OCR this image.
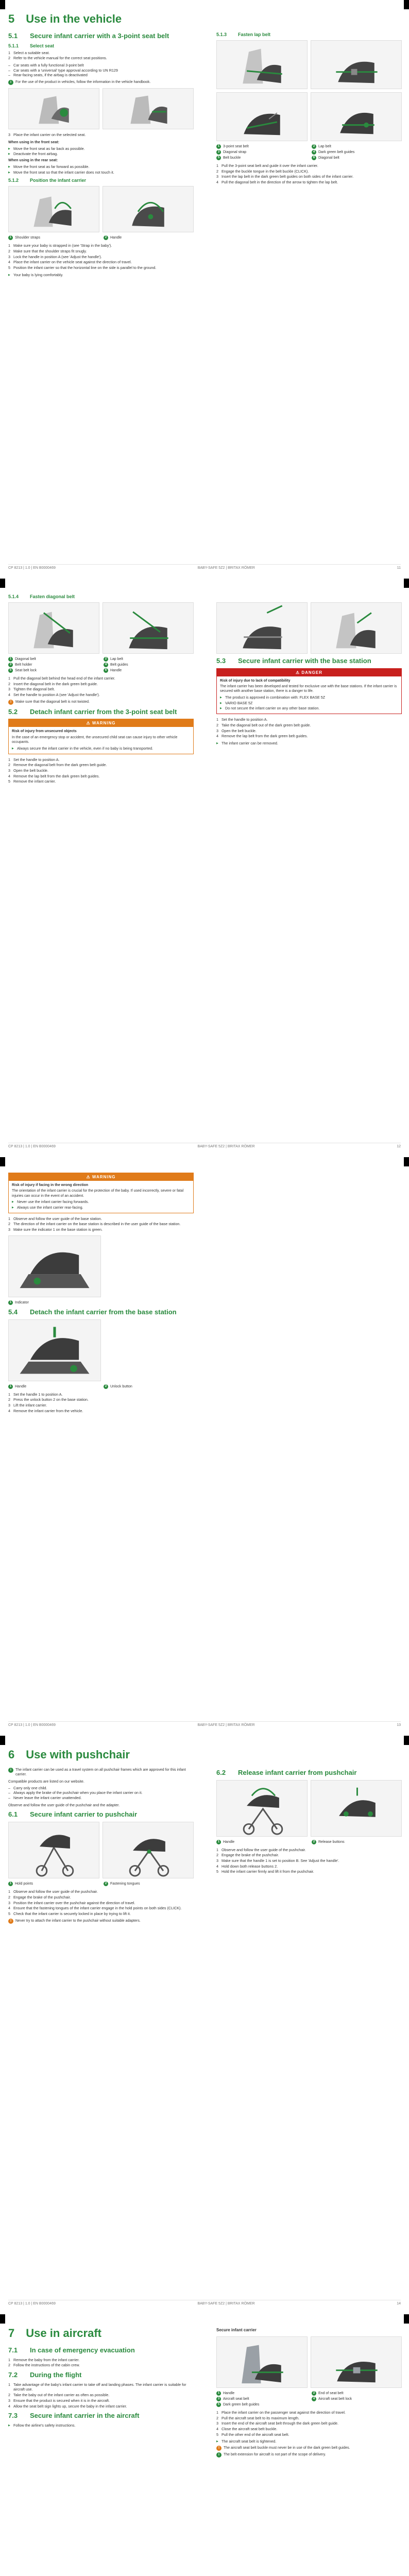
5 Use in the vehicle
5.1	Secure infant carrier with a 3-point seat belt
5.1.1	Select seat
1 Select a suitable seat.
2 Refer to the vehicle manual for the correct seat positions.
– Car seats with a fully functional 3-point belt
– Car seats with a 'universal' type approval according to UN R129
– Rear-facing seats, if the airbag is deactivated
i	For the use of the product in vehicles, follow the information in the vehicle handbook.
3 Place the infant carrier on the selected seat.

When using in the front seat:

▶ Move the front seat as far back as possible.
▶ Deactivate the front airbag.

When using in the rear seat:

▶ Move the front seat as far forward as possible.
▶ Move the front seat so that the infant carrier does not touch it.
5.1.2	Position the infant carrier
1 Shoulder straps	2 Handle
1 Make sure your baby is strapped in (see 'Strap in the baby').
2 Make sure that the shoulder straps fit snugly.
3 Lock the handle in position A (see 'Adjust the handle').
4 Place the infant carrier on the vehicle seat against the direction of travel.
5 Position the infant carrier so that the horizontal line on the side is parallel to the ground.
▶ Your baby is lying comfortably.
5.1.3	Fasten lap belt
1 3-point seat belt	2 Lap belt
3 Diagonal strap	4 Dark green belt guides
5 Belt buckle	6 Diagonal belt
1 Pull the 3-point seat belt and guide it over the infant carrier.
2 Engage the buckle tongue in the belt buckle (CLICK).
3 Insert the lap belt in the dark green belt guides on both sides of the infant carrier.
4 Pull the diagonal belt in the direction of the arrow to tighten the lap belt.
CP 8213 | 1.0 | EN B0000469	BABY-SAFE 5Z2 | BRITAX RÖMER	11
5.1.4	Fasten diagonal belt
1 Diagonal belt	2 Lap belt
3 Belt holder	4 Belt guides
5 Seat belt lock	6 Handle
1 Pull the diagonal belt behind the head end of the infant carrier.
2 Insert the diagonal belt in the dark green belt guide.
3 Tighten the diagonal belt.
4 Set the handle to position A (see 'Adjust the handle').
!	Make sure that the diagonal belt is not twisted.
5.2	Detach infant carrier from the 3-point seat belt
⚠ WARNING

Risk of injury from unsecured objects

In the case of an emergency stop or accident, the unsecured child seat can cause injury to other vehicle occupants.

▶ Always secure the infant carrier in the vehicle, even if no baby is being transported.
1 Set the handle to position A.
2 Remove the diagonal belt from the dark green belt guide.
3 Open the belt buckle.
4 Remove the lap belt from the dark green belt guides.
5 Remove the infant carrier.
5.3	Secure infant carrier with the base station
⚠ DANGER

Risk of injury due to lack of compatibility

The infant carrier has been developed and tested for exclusive use with the base stations. If the infant carrier is secured with another base station, there is a danger to life.

▶ The product is approved in combination with: FLEX BASE 5Z
▶ VARIO BASE 5Z
▶ Do not secure the infant carrier on any other base station.
1 Set the handle to position A.
2 Take the diagonal belt out of the dark green belt guide.
3 Open the belt buckle.
4 Remove the lap belt from the dark green belt guides.
▶ The infant carrier can be removed.
CP 8213 | 1.0 | EN B0000469	BABY-SAFE 5Z2 | BRITAX RÖMER	12
⚠ WARNING

Risk of injury if facing in the wrong direction

The orientation of the infant carrier is crucial for the protection of the baby. If used incorrectly, severe or fatal injuries can occur in the event of an accident.

▶ Never use the infant carrier facing forwards.
▶ Always use the infant carrier rear-facing.
1 Observe and follow the user guide of the base station.
2 The direction of the infant carrier on the base station is described in the user guide of the base station.
3 Make sure the indicator 1 on the base station is green.
1 Indicator
5.4	Detach the infant carrier from the base station
1 Handle	2 Unlock button
1 Set the handle 1 to position A.
2 Press the unlock button 2 on the base station.
3 Lift the infant carrier.
4 Remove the infant carrier from the vehicle.
CP 8213 | 1.0 | EN B0000469	BABY-SAFE 5Z2 | BRITAX RÖMER	13
6 Use with pushchair
i	The infant carrier can be used as a travel system on all pushchair frames which are approved for this infant carrier.

Compatible products are listed on our website.

– Carry only one child.
– Always apply the brake of the pushchair when you place the infant carrier on it.
– Never leave the infant carrier unattended.

Observe and follow the user guide of the pushchair and the adapter.

6.1	Secure infant carrier to pushchair
1 Hold points	2 Fastening tongues
1 Observe and follow the user guide of the pushchair.
2 Engage the brake of the pushchair.
3 Position the infant carrier over the pushchair against the direction of travel.
4 Ensure that the fastening tongues of the infant carrier engage in the hold points on both sides (CLICK).
5 Check that the infant carrier is securely locked in place by trying to lift it.
!	Never try to attach the infant carrier to the pushchair without suitable adapters.
6.2	Release infant carrier from pushchair
1 Handle	2 Release buttons
1 Observe and follow the user guide of the pushchair.
2 Engage the brake of the pushchair.
3 Make sure that the handle 1 is set to position B. See 'Adjust the handle'.
4 Hold down both release buttons 2.
5 Hold the infant carrier firmly and lift it from the pushchair.
CP 8213 | 1.0 | EN B0000469	BABY-SAFE 5Z2 | BRITAX RÖMER	14
7 Use in aircraft
7.1	In case of emergency evacuation
1 Remove the baby from the infant carrier.
2 Follow the instructions of the cabin crew.
7.2	During the flight
1 Take advantage of the baby's infant carrier to take off and landing phases. The infant carrier is suitable for aircraft use.
2 Take the baby out of the infant carrier as often as possible.
3 Ensure that the product is secured when it is in the aircraft.
4 Allow the seat belt sign lights up, secure the baby in the infant carrier.
7.3	Secure infant carrier in the aircraft
▶ Follow the airline's safety instructions.

Secure infant carrier

1 Handle	2 End of seat belt
3 Aircraft seat belt	4 Aircraft seat belt lock
5 Dark green belt guides
1 Place the infant carrier on the passenger seat against the direction of travel.
2 Pull the aircraft seat belt to its maximum length.
3 Insert the end of the aircraft seat belt through the dark green belt guide.
4 Close the aircraft seat belt buckle.
5 Pull the other end of the aircraft seat belt.
▶ The aircraft seat belt is tightened.
!	The aircraft seat belt buckle must never be in use of the dark green belt guides.
i	The belt extension for aircraft is not part of the scope of delivery.
